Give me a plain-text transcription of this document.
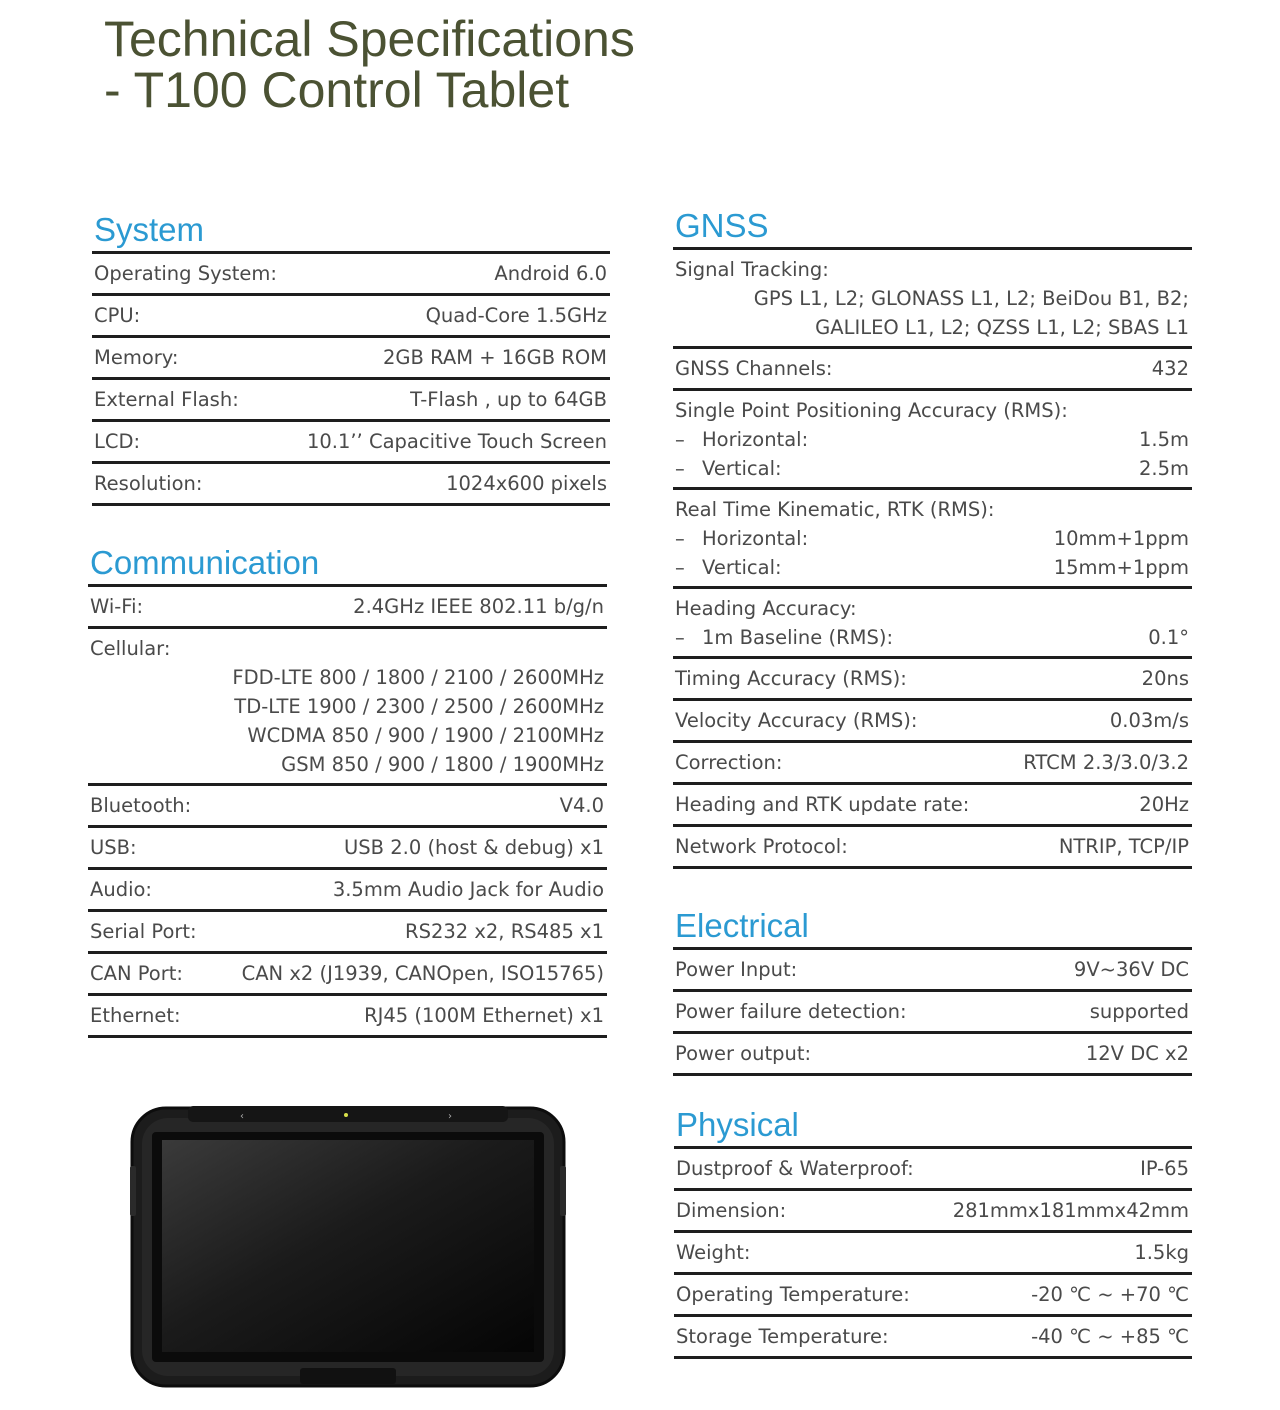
Technical Specifications
- T100 Control Tablet
System
Operating System:	Android 6.0
CPU:	Quad-Core 1.5GHz
Memory:	2GB RAM + 16GB ROM
External Flash:	T-Flash , up to 64GB
LCD:	10.1’’ Capacitive Touch Screen
Resolution:	1024x600 pixels
Communication
Wi-Fi:	2.4GHz IEEE 802.11 b/g/n
Cellular:
FDD-LTE 800 / 1800 / 2100 / 2600MHz
TD-LTE 1900 / 2300 / 2500 / 2600MHz
WCDMA 850 / 900 / 1900 / 2100MHz
GSM 850 / 900 / 1800 / 1900MHz
Bluetooth:	V4.0
USB:	USB 2.0 (host & debug) x1
Audio:	3.5mm Audio Jack for Audio
Serial Port:	RS232 x2, RS485 x1
CAN Port:	CAN x2 (J1939, CANOpen, ISO15765)
Ethernet:	RJ45 (100M Ethernet) x1
GNSS
Signal Tracking:
GPS L1, L2; GLONASS L1, L2; BeiDou B1, B2;
GALILEO L1, L2; QZSS L1, L2; SBAS L1
GNSS Channels:	432
Single Point Positioning Accuracy (RMS):
– Horizontal:	1.5m
– Vertical:	2.5m
Real Time Kinematic, RTK (RMS):
– Horizontal:	10mm+1ppm
– Vertical:	15mm+1ppm
Heading Accuracy:
– 1m Baseline (RMS):	0.1°
Timing Accuracy (RMS):	20ns
Velocity Accuracy (RMS):	0.03m/s
Correction:	RTCM 2.3/3.0/3.2
Heading and RTK update rate:	20Hz
Network Protocol:	NTRIP, TCP/IP
Electrical
Power Input:	9V~36V DC
Power failure detection:	supported
Power output:	12V DC x2
Physical
Dustproof & Waterproof:	IP-65
Dimension:	281mmx181mmx42mm
Weight:	1.5kg
Operating Temperature:	-20 ℃ ~ +70 ℃
Storage Temperature:	-40 ℃ ~ +85 ℃
‹	›
